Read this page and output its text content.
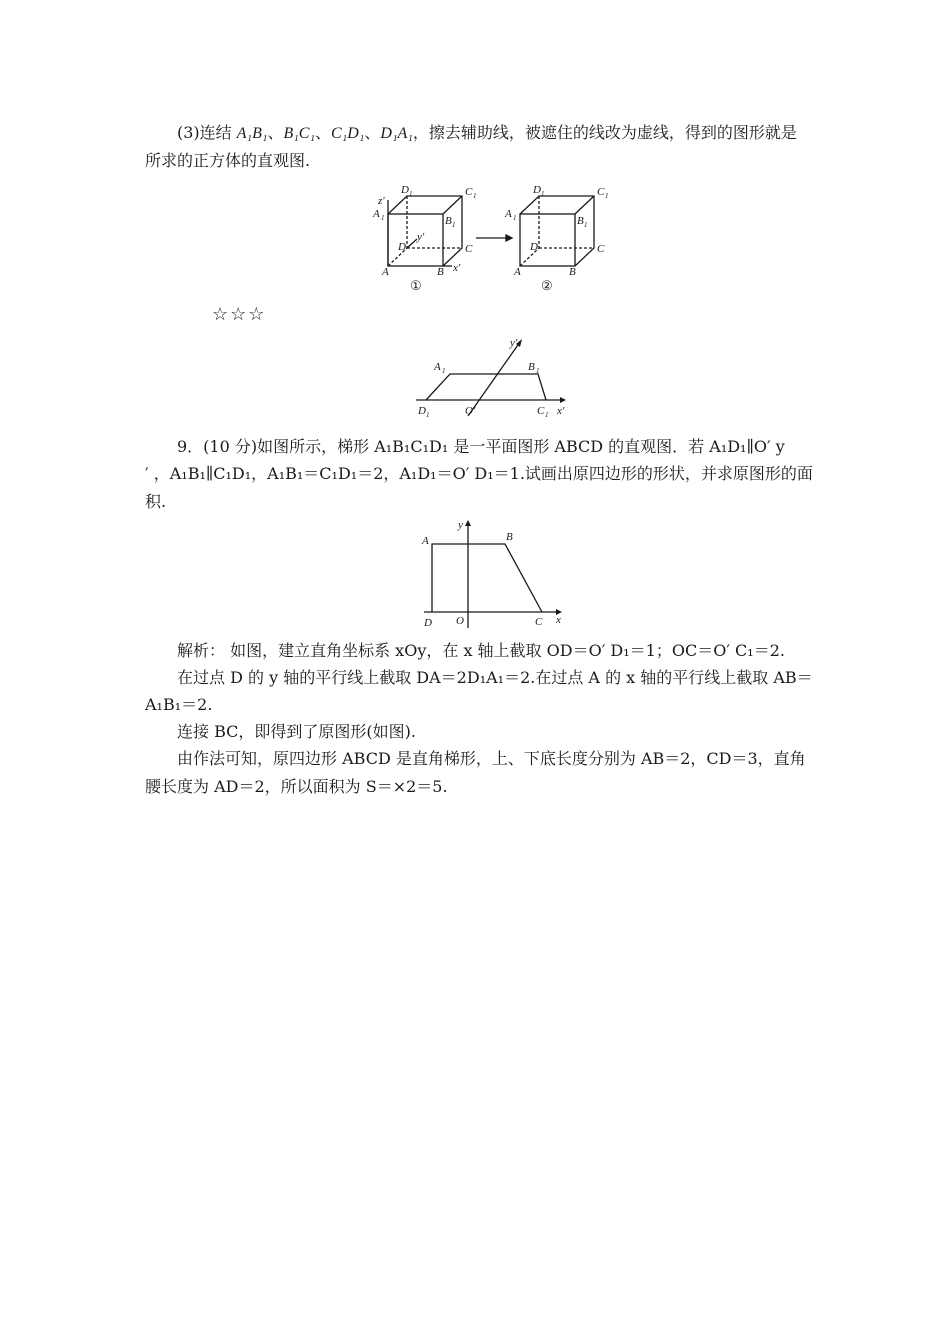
(3)连结 A₁B₁、B₁C₁、C₁D₁、D₁A₁，擦去辅助线，被遮住的线改为虚线，得到的图形就是
所求的正方体的直观图.
z′
A 1
D 1	C 1
B 1
D
y′
C
A	B x′
A 1
D 1	C 1
B 1
D	C
A	B
①	②
☆☆☆
y′
A 1	B 1
D 1	O′	C 1 x′
9．(10 分)如图所示，梯形 A₁B₁C₁D₁ 是一平面图形 ABCD 的直观图．若 A₁D₁∥O′ y
′ ，A₁B₁∥C₁D₁，A₁B₁＝C₁D₁＝2，A₁D₁＝O′ D₁＝1.试画出原四边形的形状，并求原图形的面
积.
y
A	B
D O	C x
解析： 如图，建立直角坐标系 xOy，在 x 轴上截取 OD＝O′ D₁＝1；OC＝O′ C₁＝2.
在过点 D 的 y 轴的平行线上截取 DA＝2D₁A₁＝2.在过点 A 的 x 轴的平行线上截取 AB＝
A₁B₁＝2.
连接 BC，即得到了原图形(如图).
由作法可知，原四边形 ABCD 是直角梯形，上、下底长度分别为 AB＝2，CD＝3，直角
腰长度为 AD＝2，所以面积为 S＝×2＝5.
